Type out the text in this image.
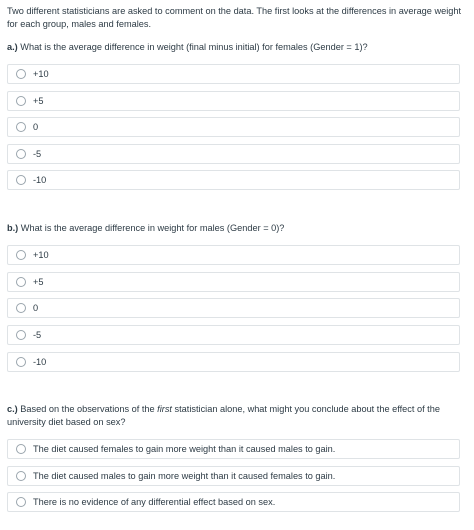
Two different statisticians are asked to comment on the data. The first looks at the differences in average weight for each group, males and females.
a.) What is the average difference in weight (final minus initial) for females (Gender = 1)?
+10
+5
0
-5
-10
b.) What is the average difference in weight for males (Gender = 0)?
+10
+5
0
-5
-10
c.) Based on the observations of the first statistician alone, what might you conclude about the effect of the university diet based on sex?
The diet caused females to gain more weight than it caused males to gain.
The diet caused males to gain more weight than it caused females to gain.
There is no evidence of any differential effect based on sex.
